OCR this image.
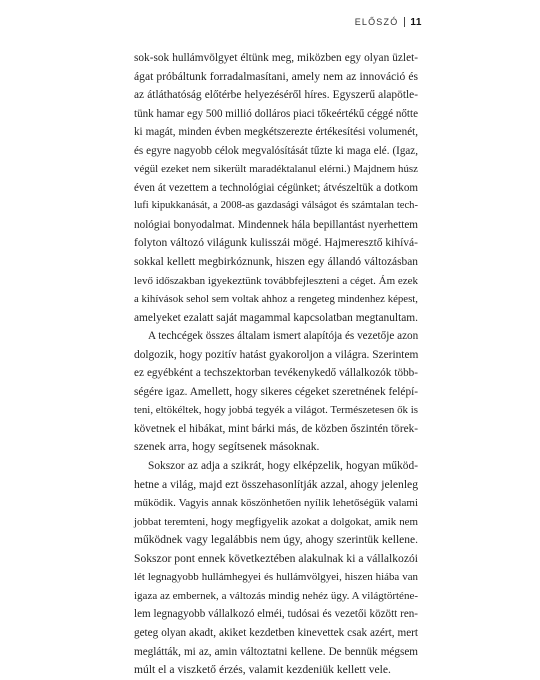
ELŐSZÓ 11

sok-sok hullámvölgyet éltünk meg, miközben egy olyan üzlet-
ágat próbáltunk forradalmasítani, amely nem az innováció és
az átláthatóság előtérbe helyezéséről híres. Egyszerű alapötle-
tünk hamar egy 500 millió dolláros piaci tőkeértékű céggé nőtte
ki magát, minden évben megkétszerezte értékesítési volumenét,
és egyre nagyobb célok megvalósítását tűzte ki maga elé. (Igaz,
végül ezeket nem sikerült maradéktalanul elérni.) Majdnem húsz
éven át vezettem a technológiai cégünket; átvészeltük a dotkom
lufi kipukkanását, a 2008-as gazdasági válságot és számtalan tech-
nológiai bonyodalmat. Mindennek hála bepillantást nyerhettem
folyton változó világunk kulisszái mögé. Hajmeresztő kihívá-
sokkal kellett megbirkóznunk, hiszen egy állandó változásban
levő időszakban igyekeztünk továbbfejleszteni a céget. Ám ezek
a kihívások sehol sem voltak ahhoz a rengeteg mindenhez képest,
amelyeket ezalatt saját magammal kapcsolatban megtanultam.

A techcégek összes általam ismert alapítója és vezetője azon
dolgozik, hogy pozitív hatást gyakoroljon a világra. Szerintem
ez egyébként a techszektorban tevékenykedő vállalkozók több-
ségére igaz. Amellett, hogy sikeres cégeket szeretnének felépí-
teni, eltökéltek, hogy jobbá tegyék a világot. Természetesen ők is
követnek el hibákat, mint bárki más, de közben őszintén törek-
szenek arra, hogy segítsenek másoknak.

Sokszor az adja a szikrát, hogy elképzelik, hogyan működ-
hetne a világ, majd ezt összehasonlítják azzal, ahogy jelenleg
működik. Vagyis annak köszönhetően nyílik lehetőségük valami
jobbat teremteni, hogy megfigyelik azokat a dolgokat, amik nem
működnek vagy legalábbis nem úgy, ahogy szerintük kellene.
Sokszor pont ennek következtében alakulnak ki a vállalkozói
lét legnagyobb hullámhegyei és hullámvölgyei, hiszen hiába van
igaza az embernek, a változás mindig nehéz ügy. A világtörténe-
lem legnagyobb vállalkozó elméi, tudósai és vezetői között ren-
geteg olyan akadt, akiket kezdetben kinevettek csak azért, mert
meglátták, mi az, amin változtatni kellene. De bennük mégsem
múlt el a viszkető érzés, valamit kezdeniük kellett vele.
